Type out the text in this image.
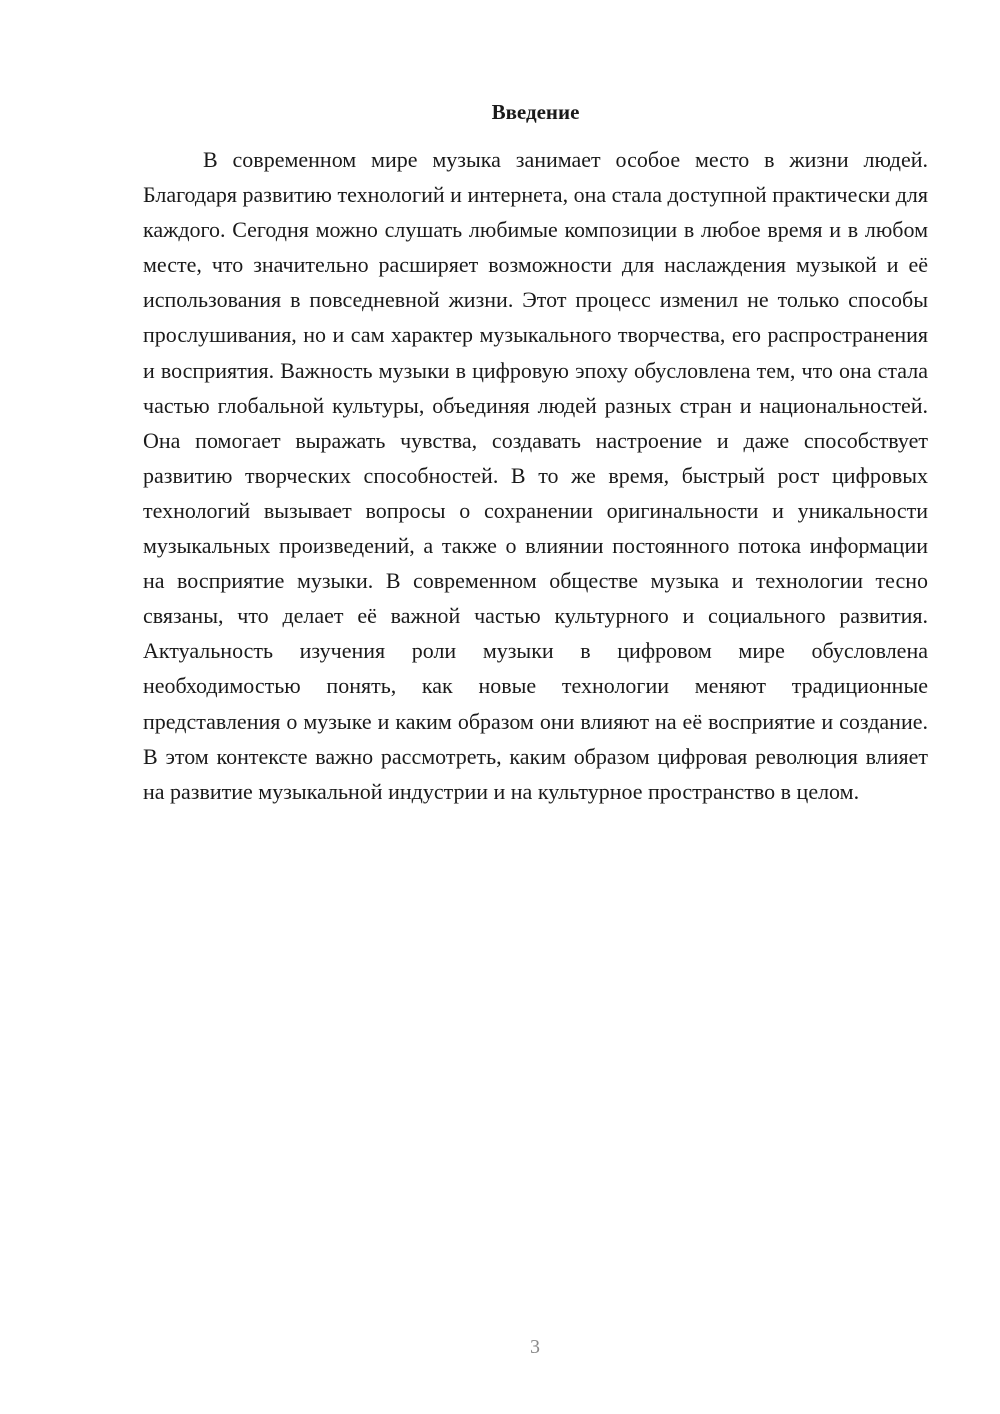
Введение

В современном мире музыка занимает особое место в жизни людей. Благодаря развитию технологий и интернета, она стала доступной практически для каждого. Сегодня можно слушать любимые композиции в любое время и в любом месте, что значительно расширяет возможности для наслаждения музыкой и её использования в повседневной жизни. Этот процесс изменил не только способы прослушивания, но и сам характер музыкального творчества, его распространения и восприятия. Важность музыки в цифровую эпоху обусловлена тем, что она стала частью глобальной культуры, объединяя людей разных стран и национальностей. Она помогает выражать чувства, создавать настроение и даже способствует развитию творческих способностей. В то же время, быстрый рост цифровых технологий вызывает вопросы о сохранении оригинальности и уникальности музыкальных произведений, а также о влиянии постоянного потока информации на восприятие музыки. В современном обществе музыка и технологии тесно связаны, что делает её важной частью культурного и социального развития. Актуальность изучения роли музыки в цифровом мире обусловлена необходимостью понять, как новые технологии меняют традиционные представления о музыке и каким образом они влияют на её восприятие и создание. В этом контексте важно рассмотреть, каким образом цифровая революция влияет на развитие музыкальной индустрии и на культурное пространство в целом.

3
